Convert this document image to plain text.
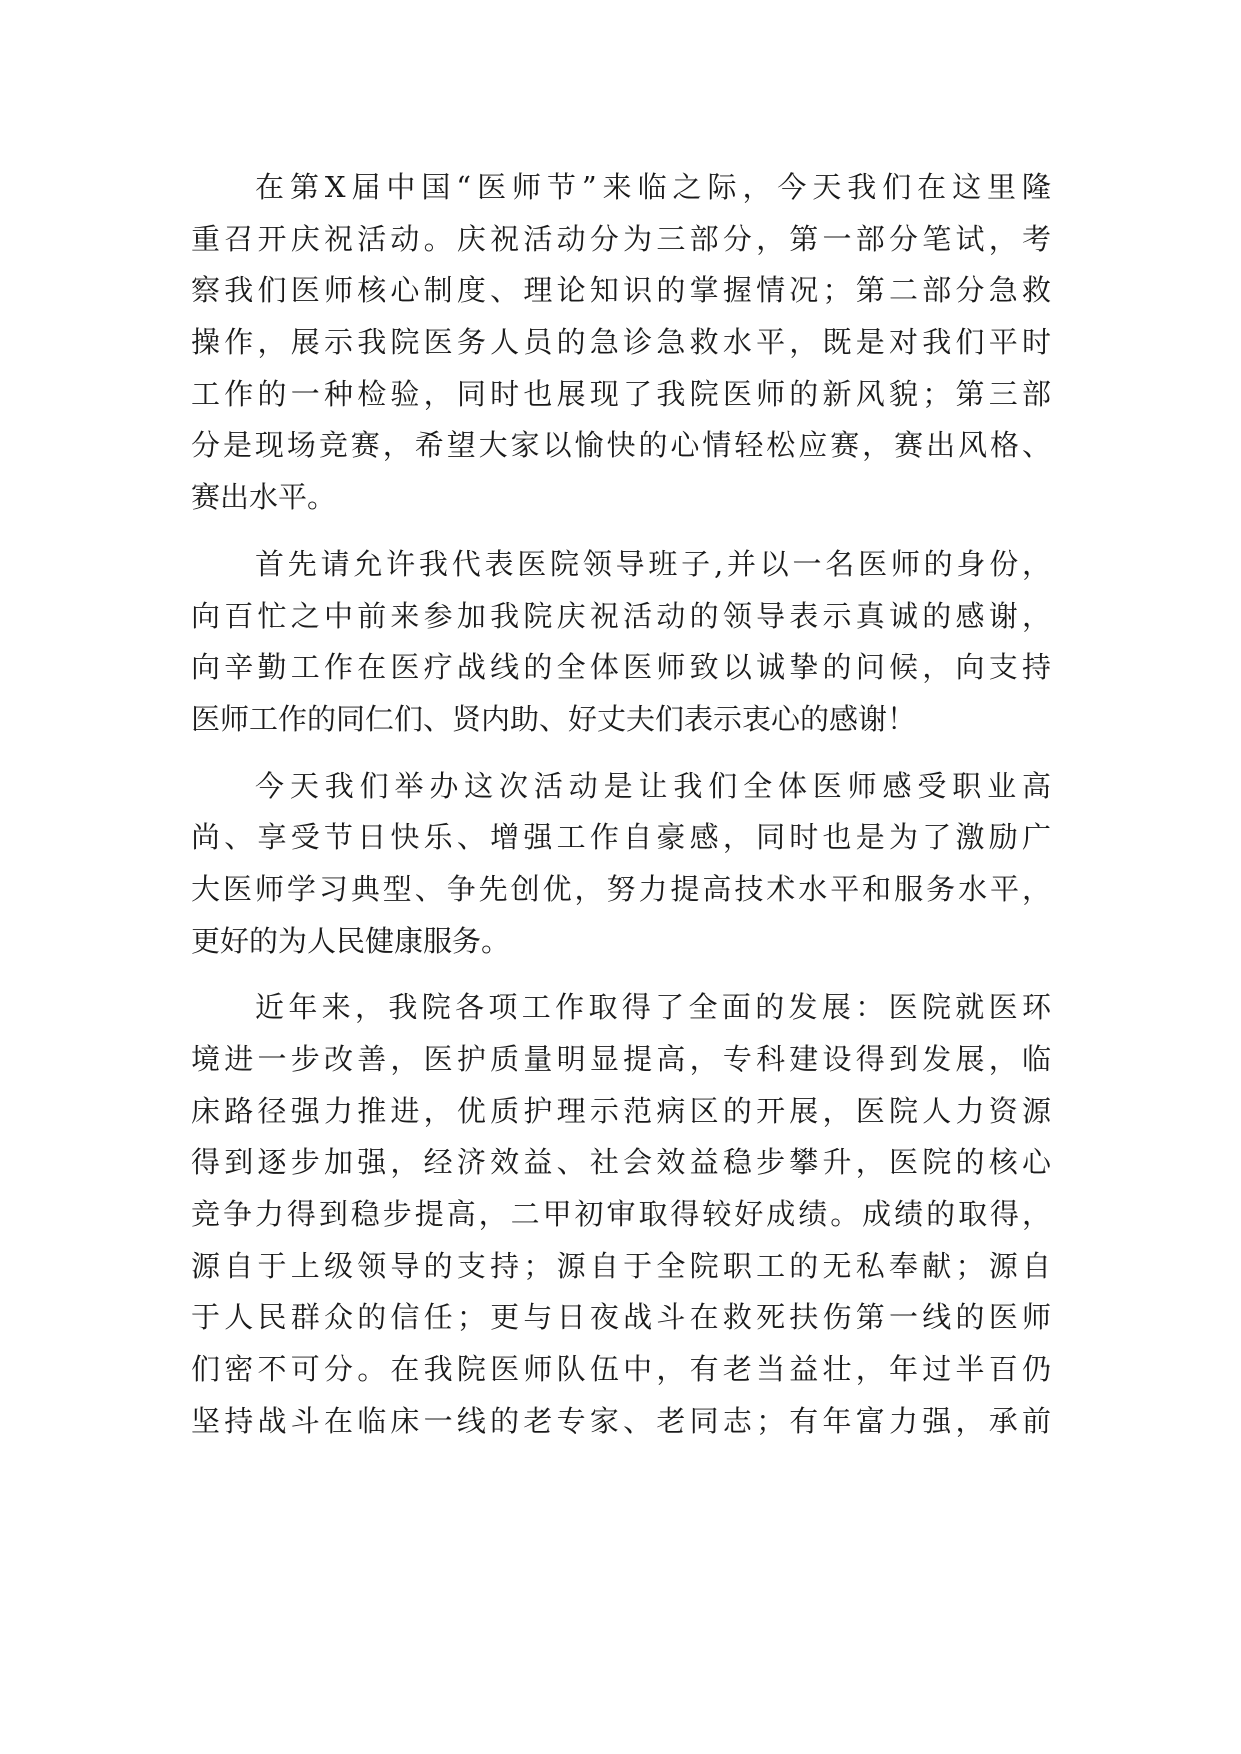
在第X届中国“医师节”来临之际，今天我们在这里隆
重召开庆祝活动。庆祝活动分为三部分，第一部分笔试，考
察我们医师核心制度、理论知识的掌握情况；第二部分急救
操作，展示我院医务人员的急诊急救水平，既是对我们平时
工作的一种检验，同时也展现了我院医师的新风貌；第三部
分是现场竞赛，希望大家以愉快的心情轻松应赛，赛出风格、
赛出水平。
首先请允许我代表医院领导班子,并以一名医师的身份，
向百忙之中前来参加我院庆祝活动的领导表示真诚的感谢，
向辛勤工作在医疗战线的全体医师致以诚挚的问候，向支持
医师工作的同仁们、贤内助、好丈夫们表示衷心的感谢！
今天我们举办这次活动是让我们全体医师感受职业高
尚、享受节日快乐、增强工作自豪感，同时也是为了激励广
大医师学习典型、争先创优，努力提高技术水平和服务水平，
更好的为人民健康服务。
近年来，我院各项工作取得了全面的发展：医院就医环
境进一步改善，医护质量明显提高，专科建设得到发展，临
床路径强力推进，优质护理示范病区的开展，医院人力资源
得到逐步加强，经济效益、社会效益稳步攀升，医院的核心
竞争力得到稳步提高，二甲初审取得较好成绩。成绩的取得，
源自于上级领导的支持；源自于全院职工的无私奉献；源自
于人民群众的信任；更与日夜战斗在救死扶伤第一线的医师
们密不可分。在我院医师队伍中，有老当益壮，年过半百仍
坚持战斗在临床一线的老专家、老同志；有年富力强，承前
